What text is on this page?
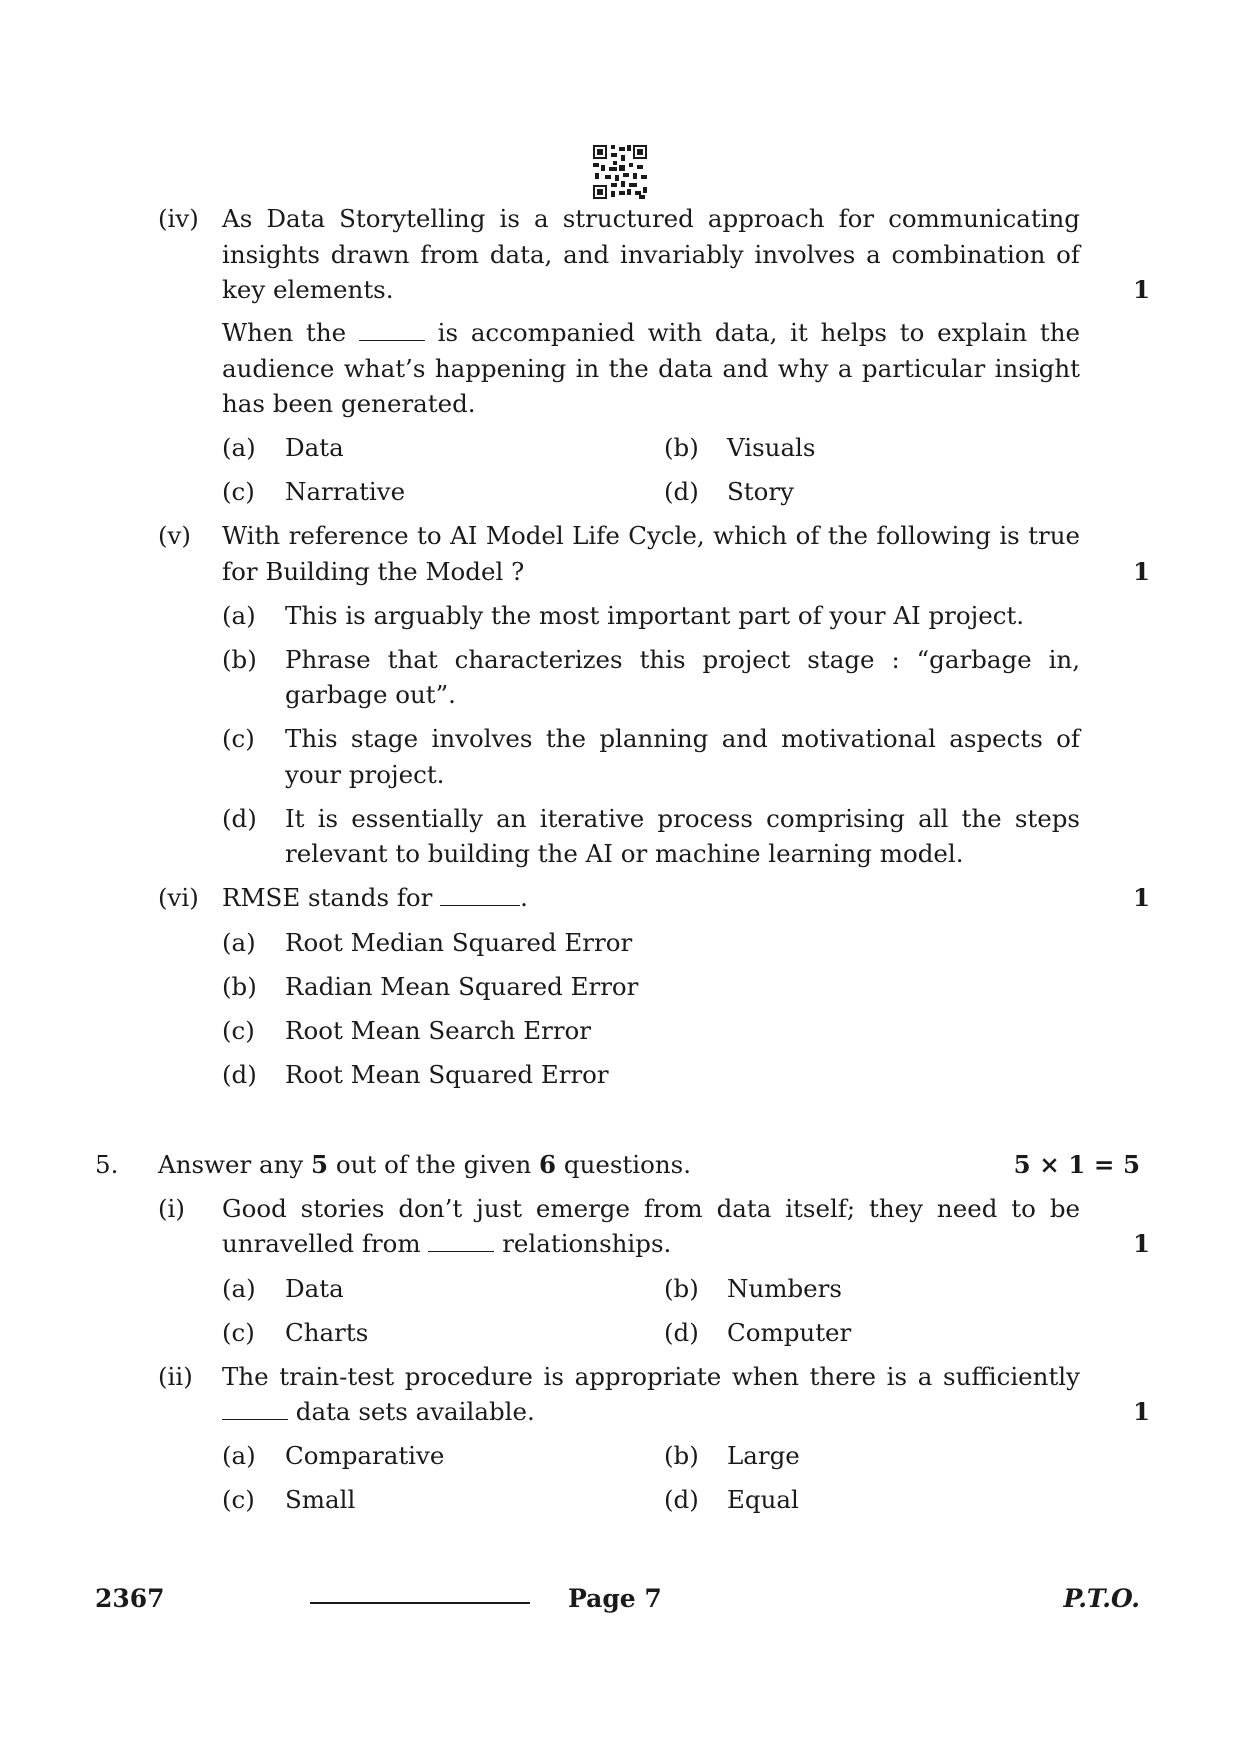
(iv) As Data Storytelling is a structured approach for communicating
insights drawn from data, and invariably involves a combination of
key elements.	1
When the	is accompanied with data, it helps to explain the
audience what’s happening in the data and why a particular insight
has been generated.
(a) Data	(b) Visuals
(c) Narrative	(d) Story
(v) With reference to AI Model Life Cycle, which of the following is true
for Building the Model ?	1
(a) This is arguably the most important part of your AI project.
(b) Phrase that characterizes this project stage : “garbage in,
garbage out”.
(c) This stage involves the planning and motivational aspects of
your project.
(d) It is essentially an iterative process comprising all the steps
relevant to building the AI or machine learning model.
(vi) RMSE stands for	.	1
(a) Root Median Squared Error
(b) Radian Mean Squared Error
(c) Root Mean Search Error
(d) Root Mean Squared Error
5. Answer any 5 out of the given 6 questions.	5 × 1 = 5
(i) Good stories don’t just emerge from data itself; they need to be
unravelled from	relationships.	1
(a) Data	(b) Numbers
(c) Charts	(d) Computer
(ii) The train-test procedure is appropriate when there is a sufficiently
data sets available.	1
(a) Comparative	(b) Large
(c) Small	(d) Equal
2367	Page 7	P.T.O.
